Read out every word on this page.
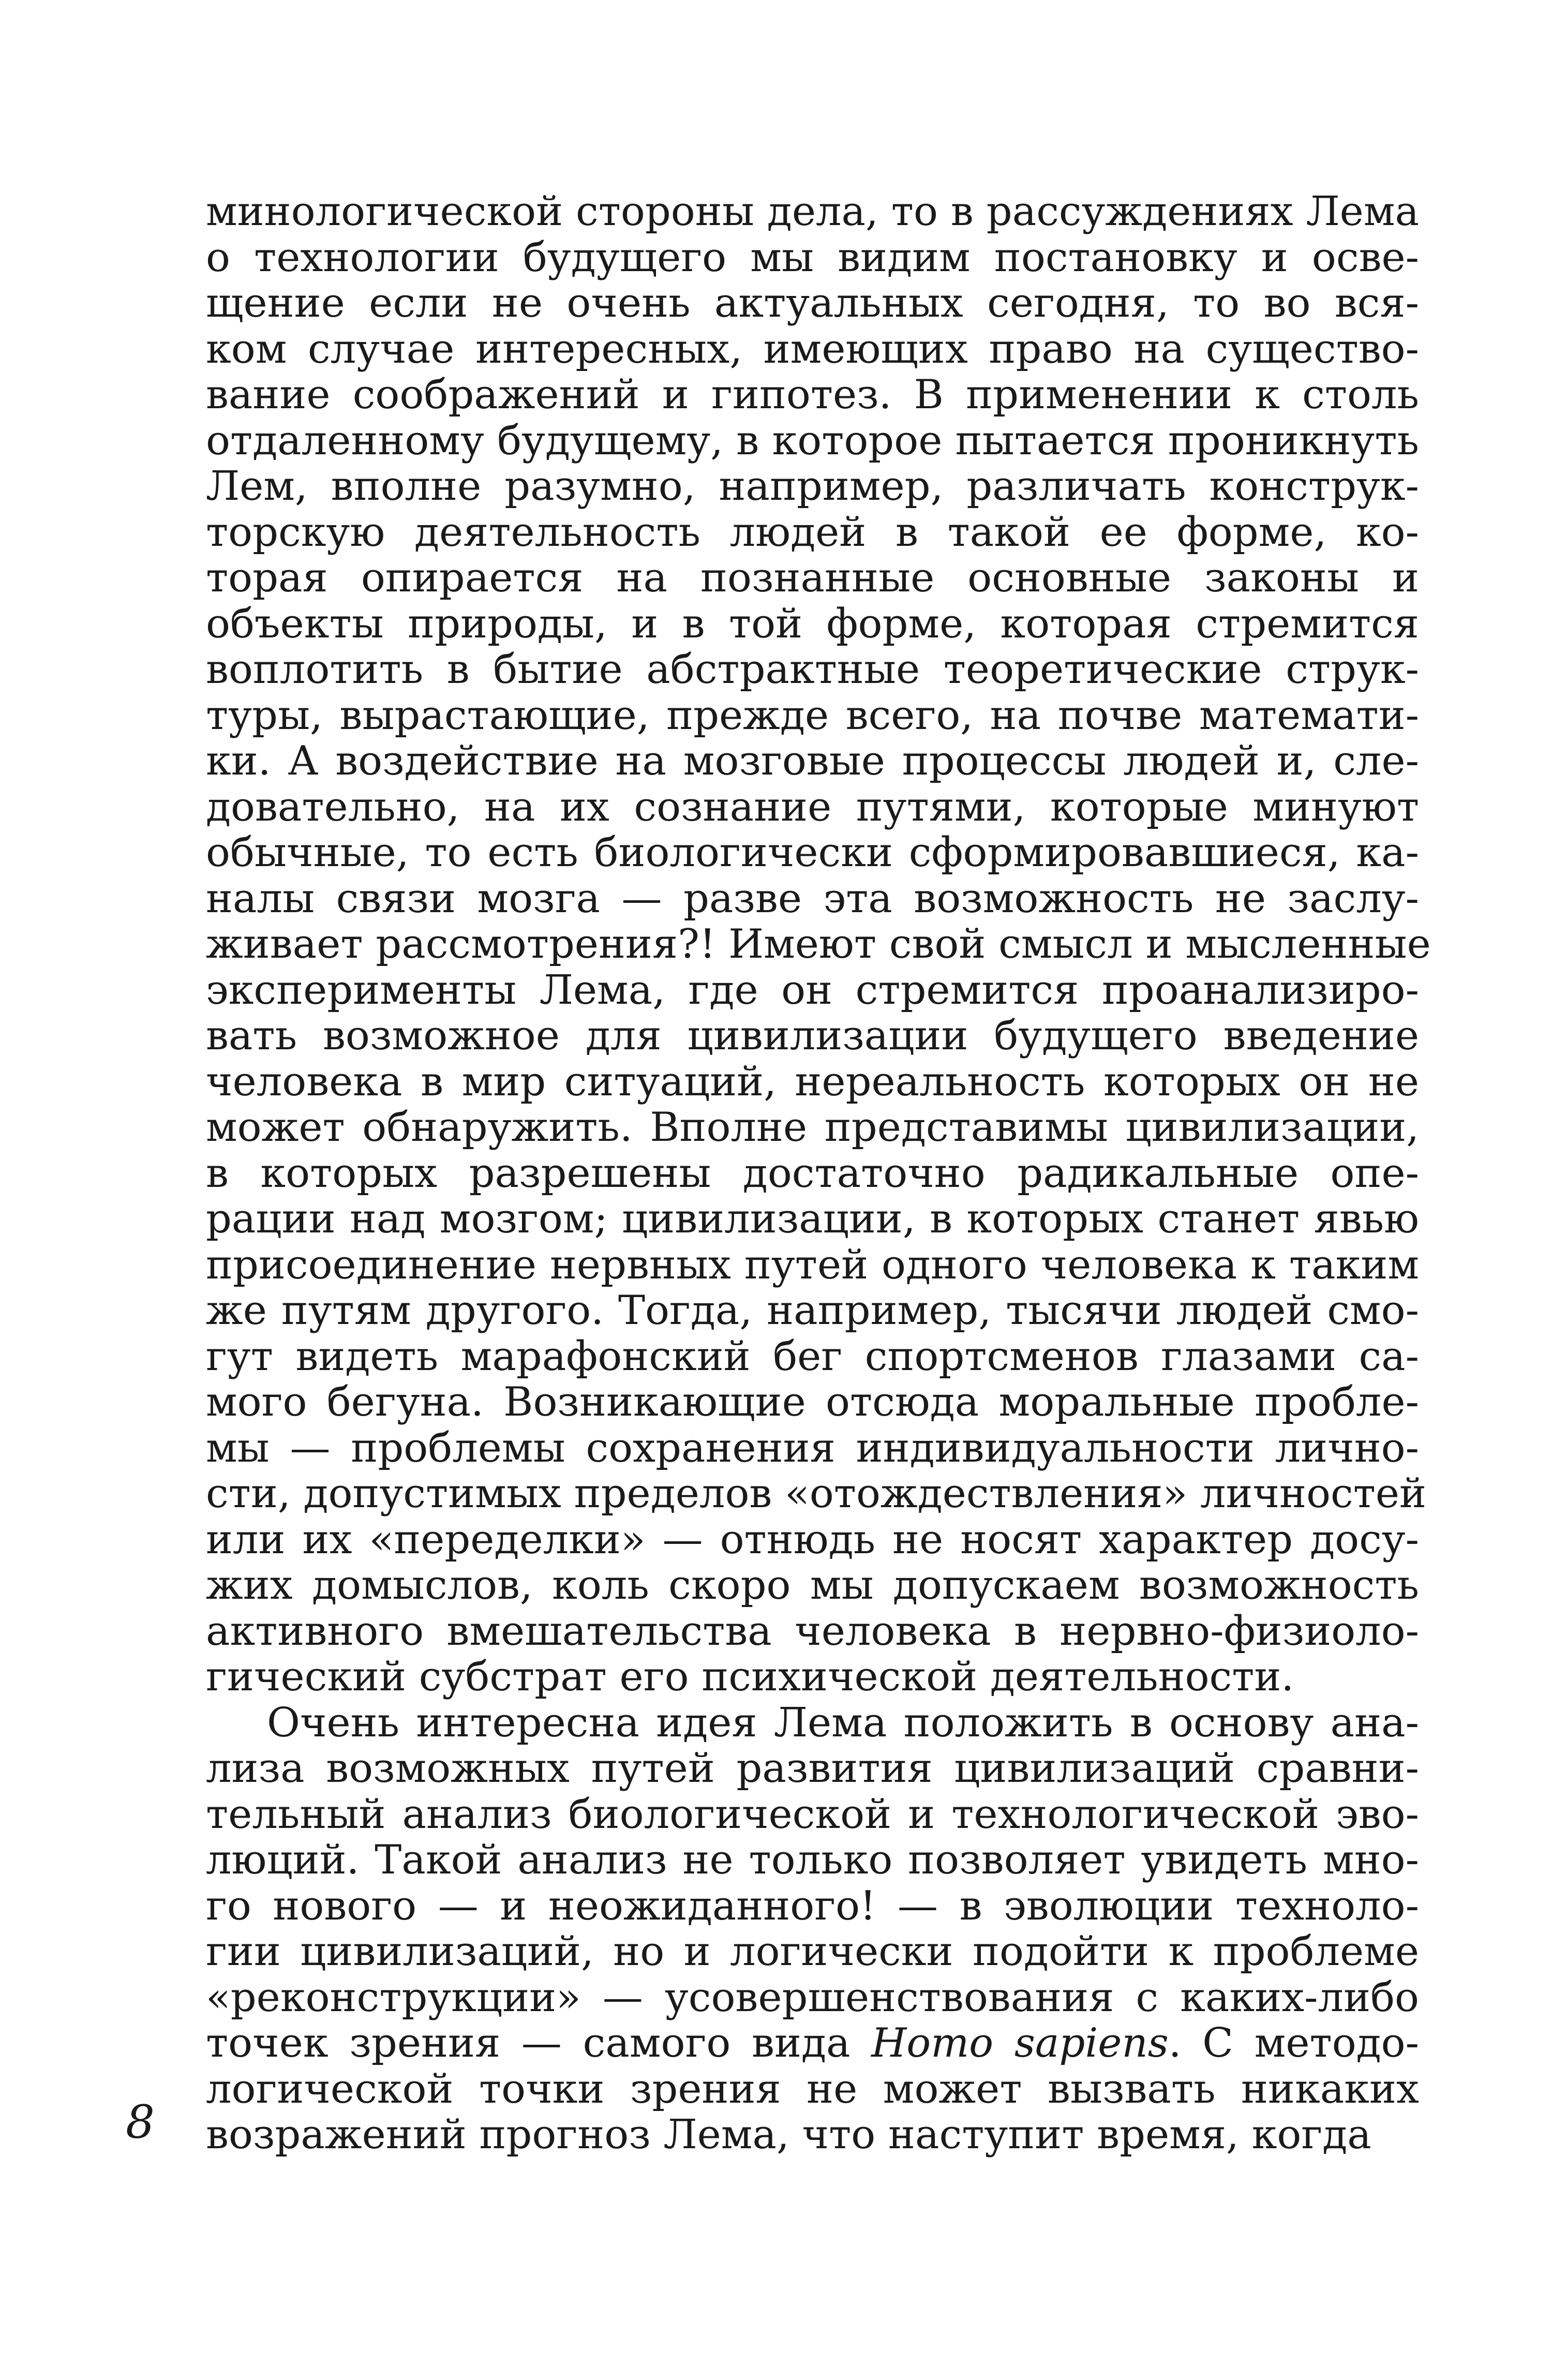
минологической стороны дела, то в рассуждениях Лема
о технологии будущего мы видим постановку и осве-
щение если не очень актуальных сегодня, то во вся-
ком случае интересных, имеющих право на существо-
вание соображений и гипотез. В применении к столь
отдаленному будущему, в которое пытается проникнуть
Лем, вполне разумно, например, различать конструк-
торскую деятельность людей в такой ее форме, ко-
торая опирается на познанные основные законы и
объекты природы, и в той форме, которая стремится
воплотить в бытие абстрактные теоретические струк-
туры, вырастающие, прежде всего, на почве математи-
ки. А воздействие на мозговые процессы людей и, сле-
довательно, на их сознание путями, которые минуют
обычные, то есть биологически сформировавшиеся, ка-
налы связи мозга — разве эта возможность не заслу-
живает рассмотрения?! Имеют свой смысл и мысленные
эксперименты Лема, где он стремится проанализиро-
вать возможное для цивилизации будущего введение
человека в мир ситуаций, нереальность которых он не
может обнаружить. Вполне представимы цивилизации,
в которых разрешены достаточно радикальные опе-
рации над мозгом; цивилизации, в которых станет явью
присоединение нервных путей одного человека к таким
же путям другого. Тогда, например, тысячи людей смо-
гут видеть марафонский бег спортсменов глазами са-
мого бегуна. Возникающие отсюда моральные пробле-
мы — проблемы сохранения индивидуальности лично-
сти, допустимых пределов «отождествления» личностей
или их «переделки» — отнюдь не носят характер досу-
жих домыслов, коль скоро мы допускаем возможность
активного вмешательства человека в нервно-физиоло-
гический субстрат его психической деятельности.
Очень интересна идея Лема положить в основу ана-
лиза возможных путей развития цивилизаций сравни-
тельный анализ биологической и технологической эво-
люций. Такой анализ не только позволяет увидеть мно-
го нового — и неожиданного! — в эволюции техноло-
гии цивилизаций, но и логически подойти к проблеме
«реконструкции» — усовершенствования с каких-либо
точек зрения — самого вида Homo sapiens. С методо-
логической точки зрения не может вызвать никаких
возражений прогноз Лема, что наступит время, когда
8
